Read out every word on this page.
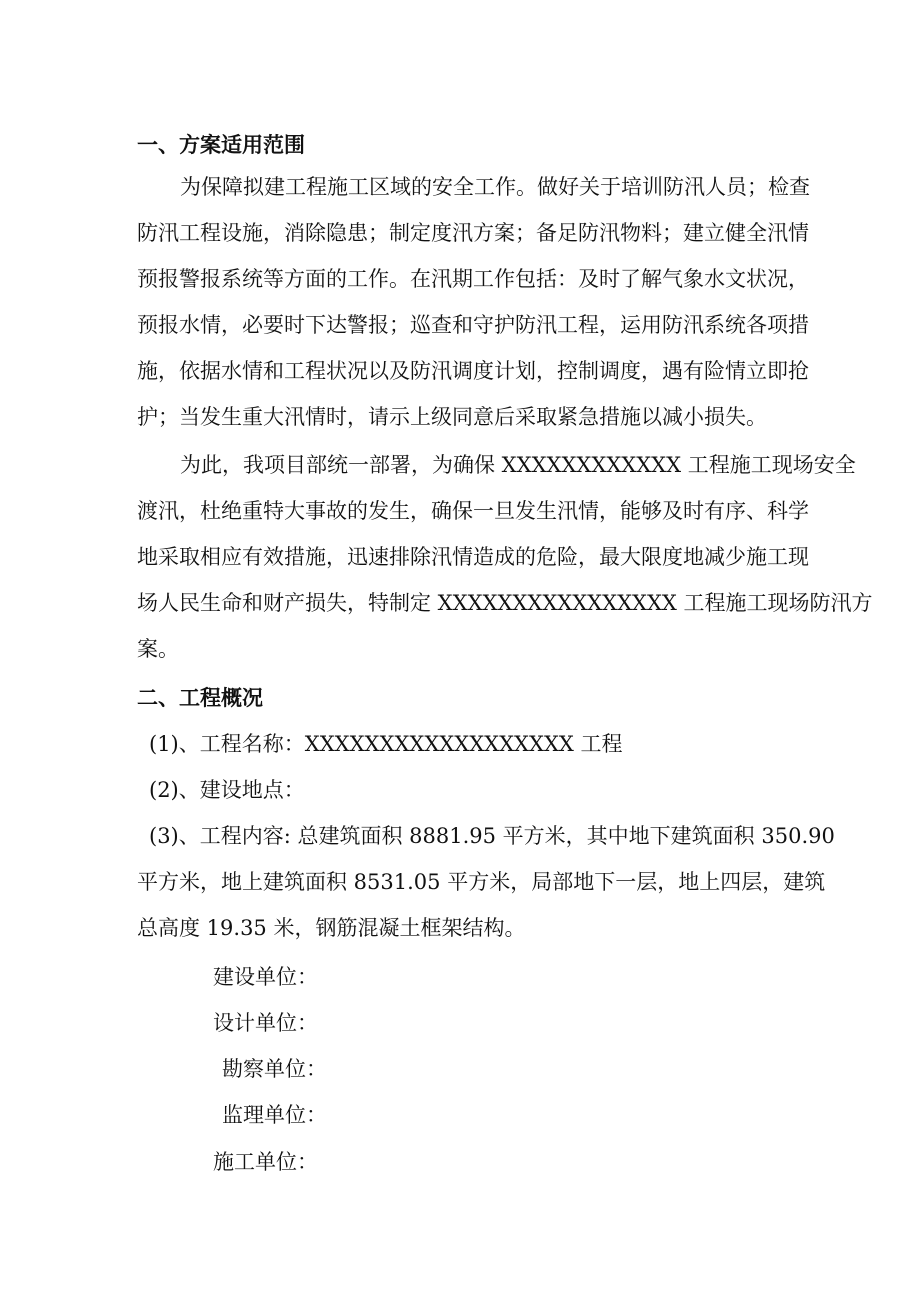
一、方案适用范围
为保障拟建工程施工区域的安全工作。做好关于培训防汛人员；检查
防汛工程设施，消除隐患；制定度汛方案；备足防汛物料；建立健全汛情
预报警报系统等方面的工作。在汛期工作包括：及时了解气象水文状况，
预报水情，必要时下达警报；巡查和守护防汛工程，运用防汛系统各项措
施，依据水情和工程状况以及防汛调度计划，控制调度，遇有险情立即抢
护；当发生重大汛情时，请示上级同意后采取紧急措施以减小损失。
为此，我项目部统一部署，为确保 XXXXXXXXXXXX 工程施工现场安全
渡汛，杜绝重特大事故的发生，确保一旦发生汛情，能够及时有序、科学
地采取相应有效措施，迅速排除汛情造成的危险，最大限度地减少施工现
场人民生命和财产损失，特制定 XXXXXXXXXXXXXXXX 工程施工现场防汛方
案。
二、工程概况
(1)、工程名称：XXXXXXXXXXXXXXXXXX 工程
(2)、建设地点：
(3)、工程内容: 总建筑面积 8881.95 平方米，其中地下建筑面积 350.90
平方米，地上建筑面积 8531.05 平方米，局部地下一层，地上四层，建筑
总高度 19.35 米，钢筋混凝土框架结构。
建设单位：
设计单位：
勘察单位：
监理单位：
施工单位：
